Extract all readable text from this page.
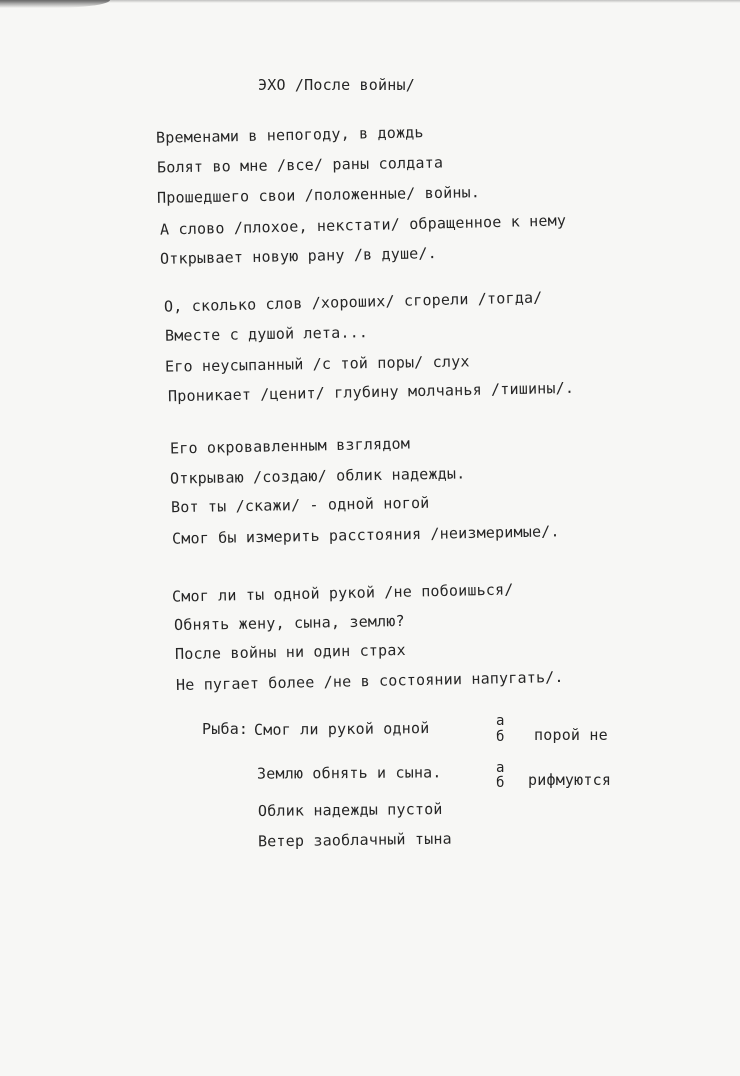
ЭХО /После войны/
Временами в непогоду, в дождь
Болят во мне /все/ раны солдата
Прошедшего свои /положенные/ войны.
А слово /плохое, некстати/ обращенное к нему
Открывает новую рану /в душе/.
О, сколько слов /хороших/ сгорели /тогда/
Вместе с душой лета...
Его неусыпанный /с той поры/ слух
Проникает /ценит/ глубину молчанья /тишины/.
Его окровавленным взглядом
Открываю /создаю/ облик надежды.
Вот ты /скажи/ - одной ногой
Смог бы измерить расстояния /неизмеримые/.
Смог ли ты одной рукой /не побоишься/
Обнять жену, сына, землю?
После войны ни один страх
Не пугает более /не в состоянии напугать/.
Рыба: Смог ли рукой одной
Землю обнять и сына.
Облик надежды пустой
Ветер заоблачный тына
а
б
а
б
порой не
рифмуются
